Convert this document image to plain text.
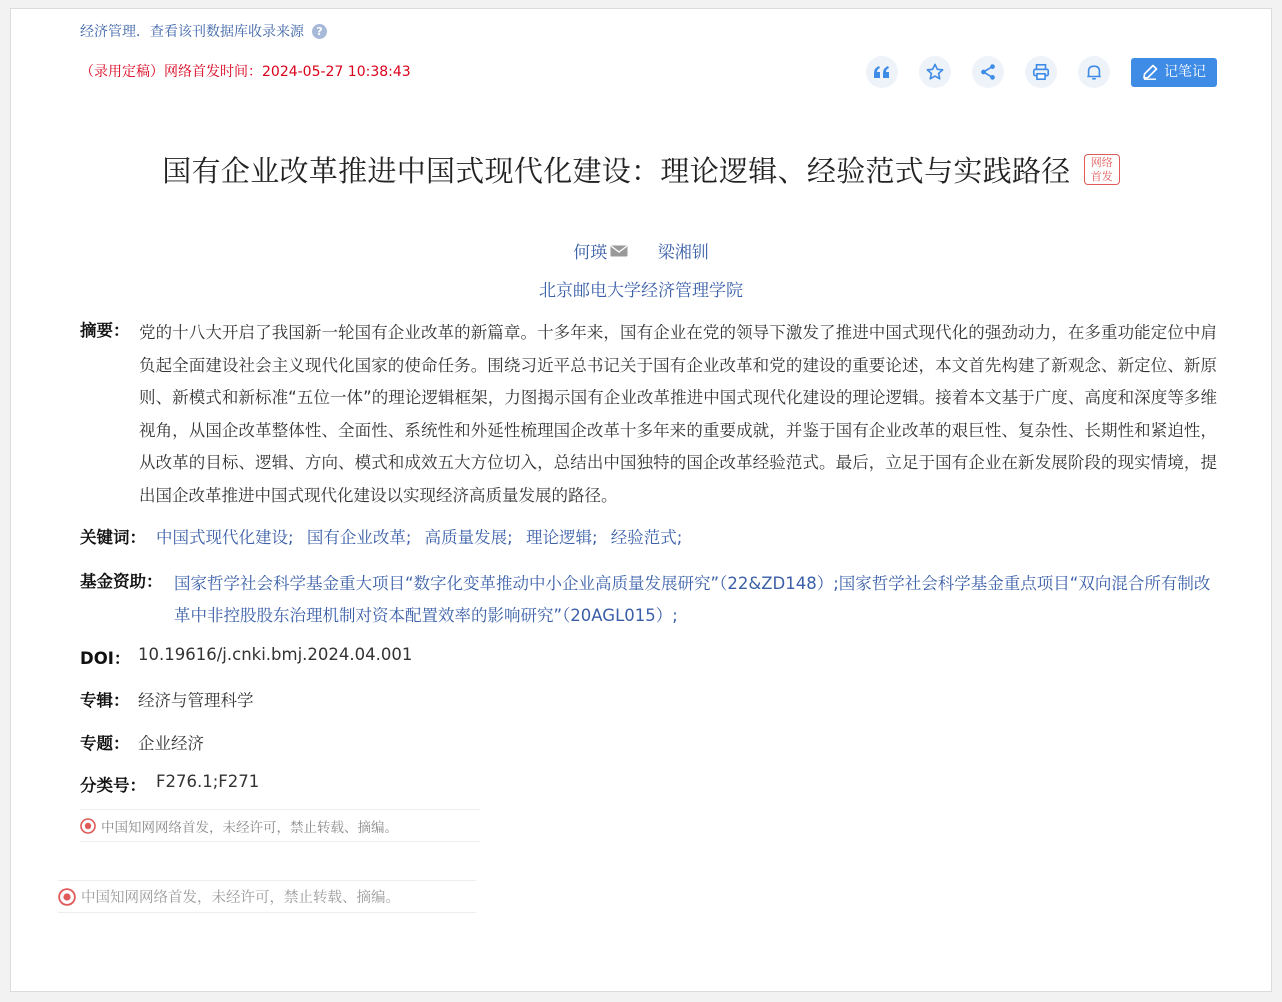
经济管理．查看该刊数据库收录来源	?
（录用定稿）网络首发时间：2024-05-27 10:38:43	记笔记
国有企业改革推进中国式现代化建设：理论逻辑、经验范式与实践路径	网络
首发
何瑛
	梁湘钏
北京邮电大学经济管理学院
摘要： 党的十八大开启了我国新一轮国有企业改革的新篇章。十多年来，国有企业在党的领导下激发了推进中国式现代化的强劲动力，在多重功能定位中肩负起全面建设社会主义现代化国家的使命任务。围绕习近平总书记关于国有企业改革和党的建设的重要论述，本文首先构建了新观念、新定位、新原则、新模式和新标准“五位一体”的理论逻辑框架，力图揭示国有企业改革推进中国式现代化建设的理论逻辑。接着本文基于广度、高度和深度等多维视角，从国企改革整体性、全面性、系统性和外延性梳理国企改革十多年来的重要成就，并鉴于国有企业改革的艰巨性、复杂性、长期性和紧迫性，从改革的目标、逻辑、方向、模式和成效五大方位切入，总结出中国独特的国企改革经验范式。最后，立足于国有企业在新发展阶段的现实情境，提出国企改革推进中国式现代化建设以实现经济高质量发展的路径。
关键词： 中国式现代化建设; 国有企业改革; 高质量发展; 理论逻辑; 经验范式;
基金资助： 国家哲学社会科学基金重大项目“数字化变革推动中小企业高质量发展研究”（22&ZD148）;国家哲学社会科学基金重点项目“双向混合所有制改革中非控股股东治理机制对资本配置效率的影响研究”（20AGL015）;
DOI： 10.19616/j.cnki.bmj.2024.04.001
专辑： 经济与管理科学
专题： 企业经济
分类号： F276.1;F271
中国知网网络首发，未经许可，禁止转载、摘编。
中国知网网络首发，未经许可，禁止转载、摘编。
